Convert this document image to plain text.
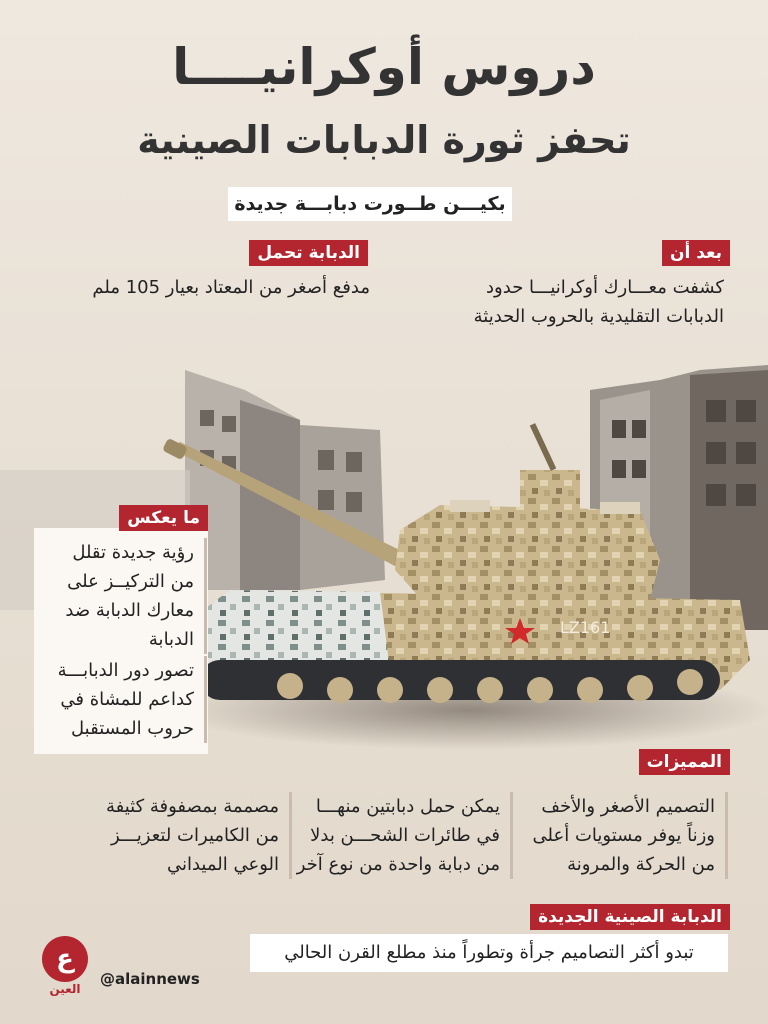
دروس أوكرانيــــا
تحفز ثورة الدبابات الصينية
بكيـــن طــورت دبابـــة جديدة
LZ161
بعد أن
كشفت معـــارك أوكرانيـــا حدود
الدبابات التقليدية بالحروب الحديثة
الدبابة تحمل
مدفع أصغر من المعتاد بعيار 105 ملم
ما يعكس
رؤية جديدة تقلل
من التركيــز على
معارك الدبابة ضد
الدبابة
تصور دور الدبابـــة
كداعم للمشاة في
حروب المستقبل
المميزات
التصميم الأصغر والأخف
وزناً يوفر مستويات أعلى
من الحركة والمرونة
يمكن حمل دبابتين منهـــا
في طائرات الشحـــن بدلا
من دبابة واحدة من نوع آخر
مصممة بمصفوفة كثيفة
من الكاميرات لتعزيـــز
الوعي الميداني
الدبابة الصينية الجديدة
تبدو أكثر التصاميم جرأة وتطوراً منذ مطلع القرن الحالي
ع
العين
@alainnews
